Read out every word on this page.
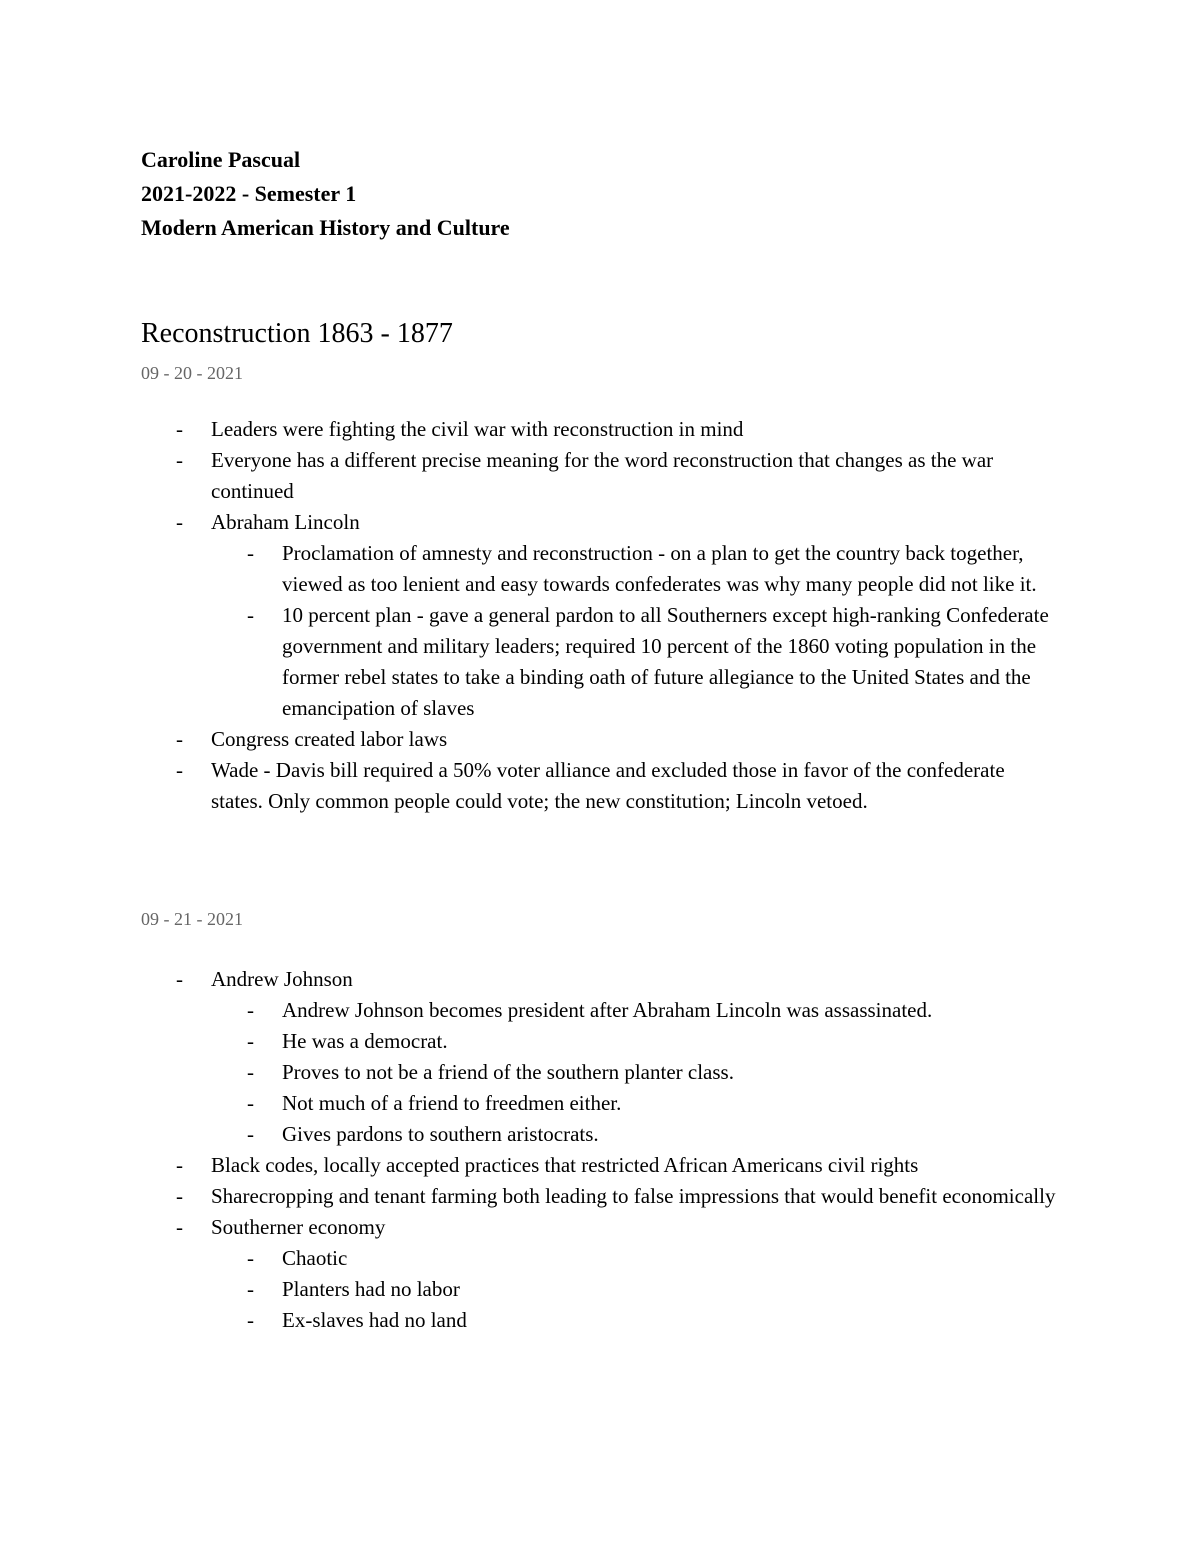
Caroline Pascual
2021-2022 - Semester 1
Modern American History and Culture
Reconstruction 1863 - 1877
09 - 20 - 2021
- Leaders were fighting the civil war with reconstruction in mind
- Everyone has a different precise meaning for the word reconstruction that changes as the war continued
- Abraham Lincoln
- Proclamation of amnesty and reconstruction - on a plan to get the country back together, viewed as too lenient and easy towards confederates was why many people did not like it.
- 10 percent plan - gave a general pardon to all Southerners except high-ranking Confederate government and military leaders; required 10 percent of the 1860 voting population in the former rebel states to take a binding oath of future allegiance to the United States and the emancipation of slaves
- Congress created labor laws
- Wade - Davis bill required a 50% voter alliance and excluded those in favor of the confederate states. Only common people could vote; the new constitution; Lincoln vetoed.
09 - 21 - 2021
- Andrew Johnson
- Andrew Johnson becomes president after Abraham Lincoln was assassinated.
- He was a democrat.
- Proves to not be a friend of the southern planter class.
- Not much of a friend to freedmen either.
- Gives pardons to southern aristocrats.
- Black codes, locally accepted practices that restricted African Americans civil rights
- Sharecropping and tenant farming both leading to false impressions that would benefit economically
- Southerner economy
- Chaotic
- Planters had no labor
- Ex-slaves had no land
